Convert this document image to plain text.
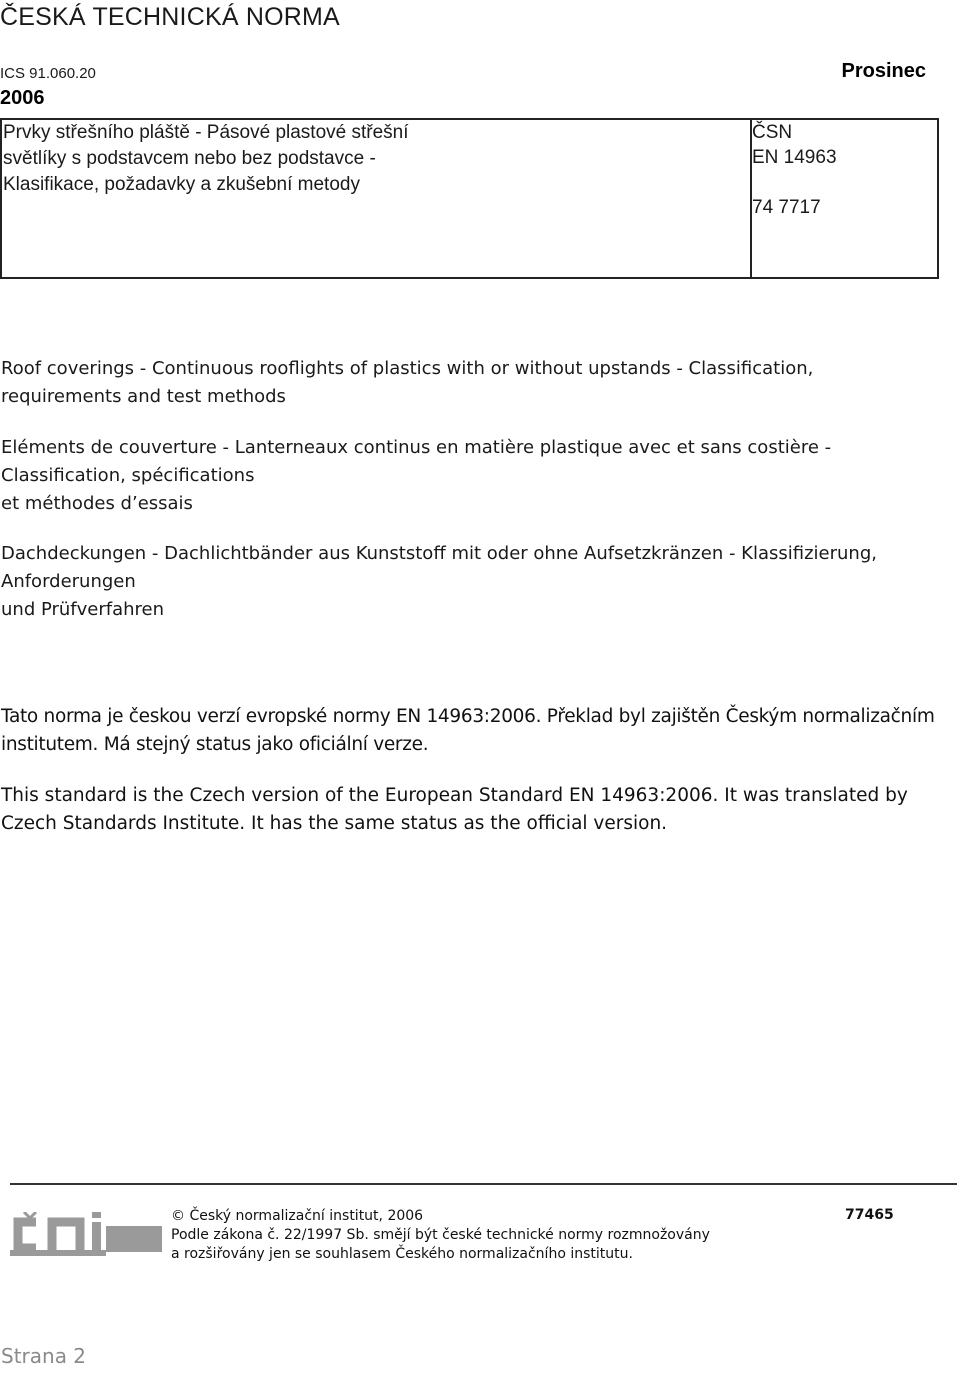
ČESKÁ TECHNICKÁ NORMA
ICS 91.060.20	Prosinec
2006
Prvky střešního pláště - Pásové plastové střešní
světlíky s podstavcem nebo bez podstavce -
Klasifikace, požadavky a zkušební metody
ČSN
EN 14963
74 7717
Roof coverings - Continuous rooflights of plastics with or without upstands - Classification,
requirements and test methods
Eléments de couverture - Lanterneaux continus en matière plastique avec et sans costière -
Classification, spécifications
et méthodes d’essais
Dachdeckungen - Dachlichtbänder aus Kunststoff mit oder ohne Aufsetzkränzen - Klassifizierung,
Anforderungen
und Prüfverfahren
Tato norma je českou verzí evropské normy EN 14963:2006. Překlad byl zajištěn Českým normalizačním
institutem. Má stejný status jako oficiální verze.
This standard is the Czech version of the European Standard EN 14963:2006. It was translated by
Czech Standards Institute. It has the same status as the official version.
© Český normalizační institut, 2006
Podle zákona č. 22/1997 Sb. smějí být české technické normy rozmnožovány
a rozšiřovány jen se souhlasem Českého normalizačního institutu.
77465
Strana 2
